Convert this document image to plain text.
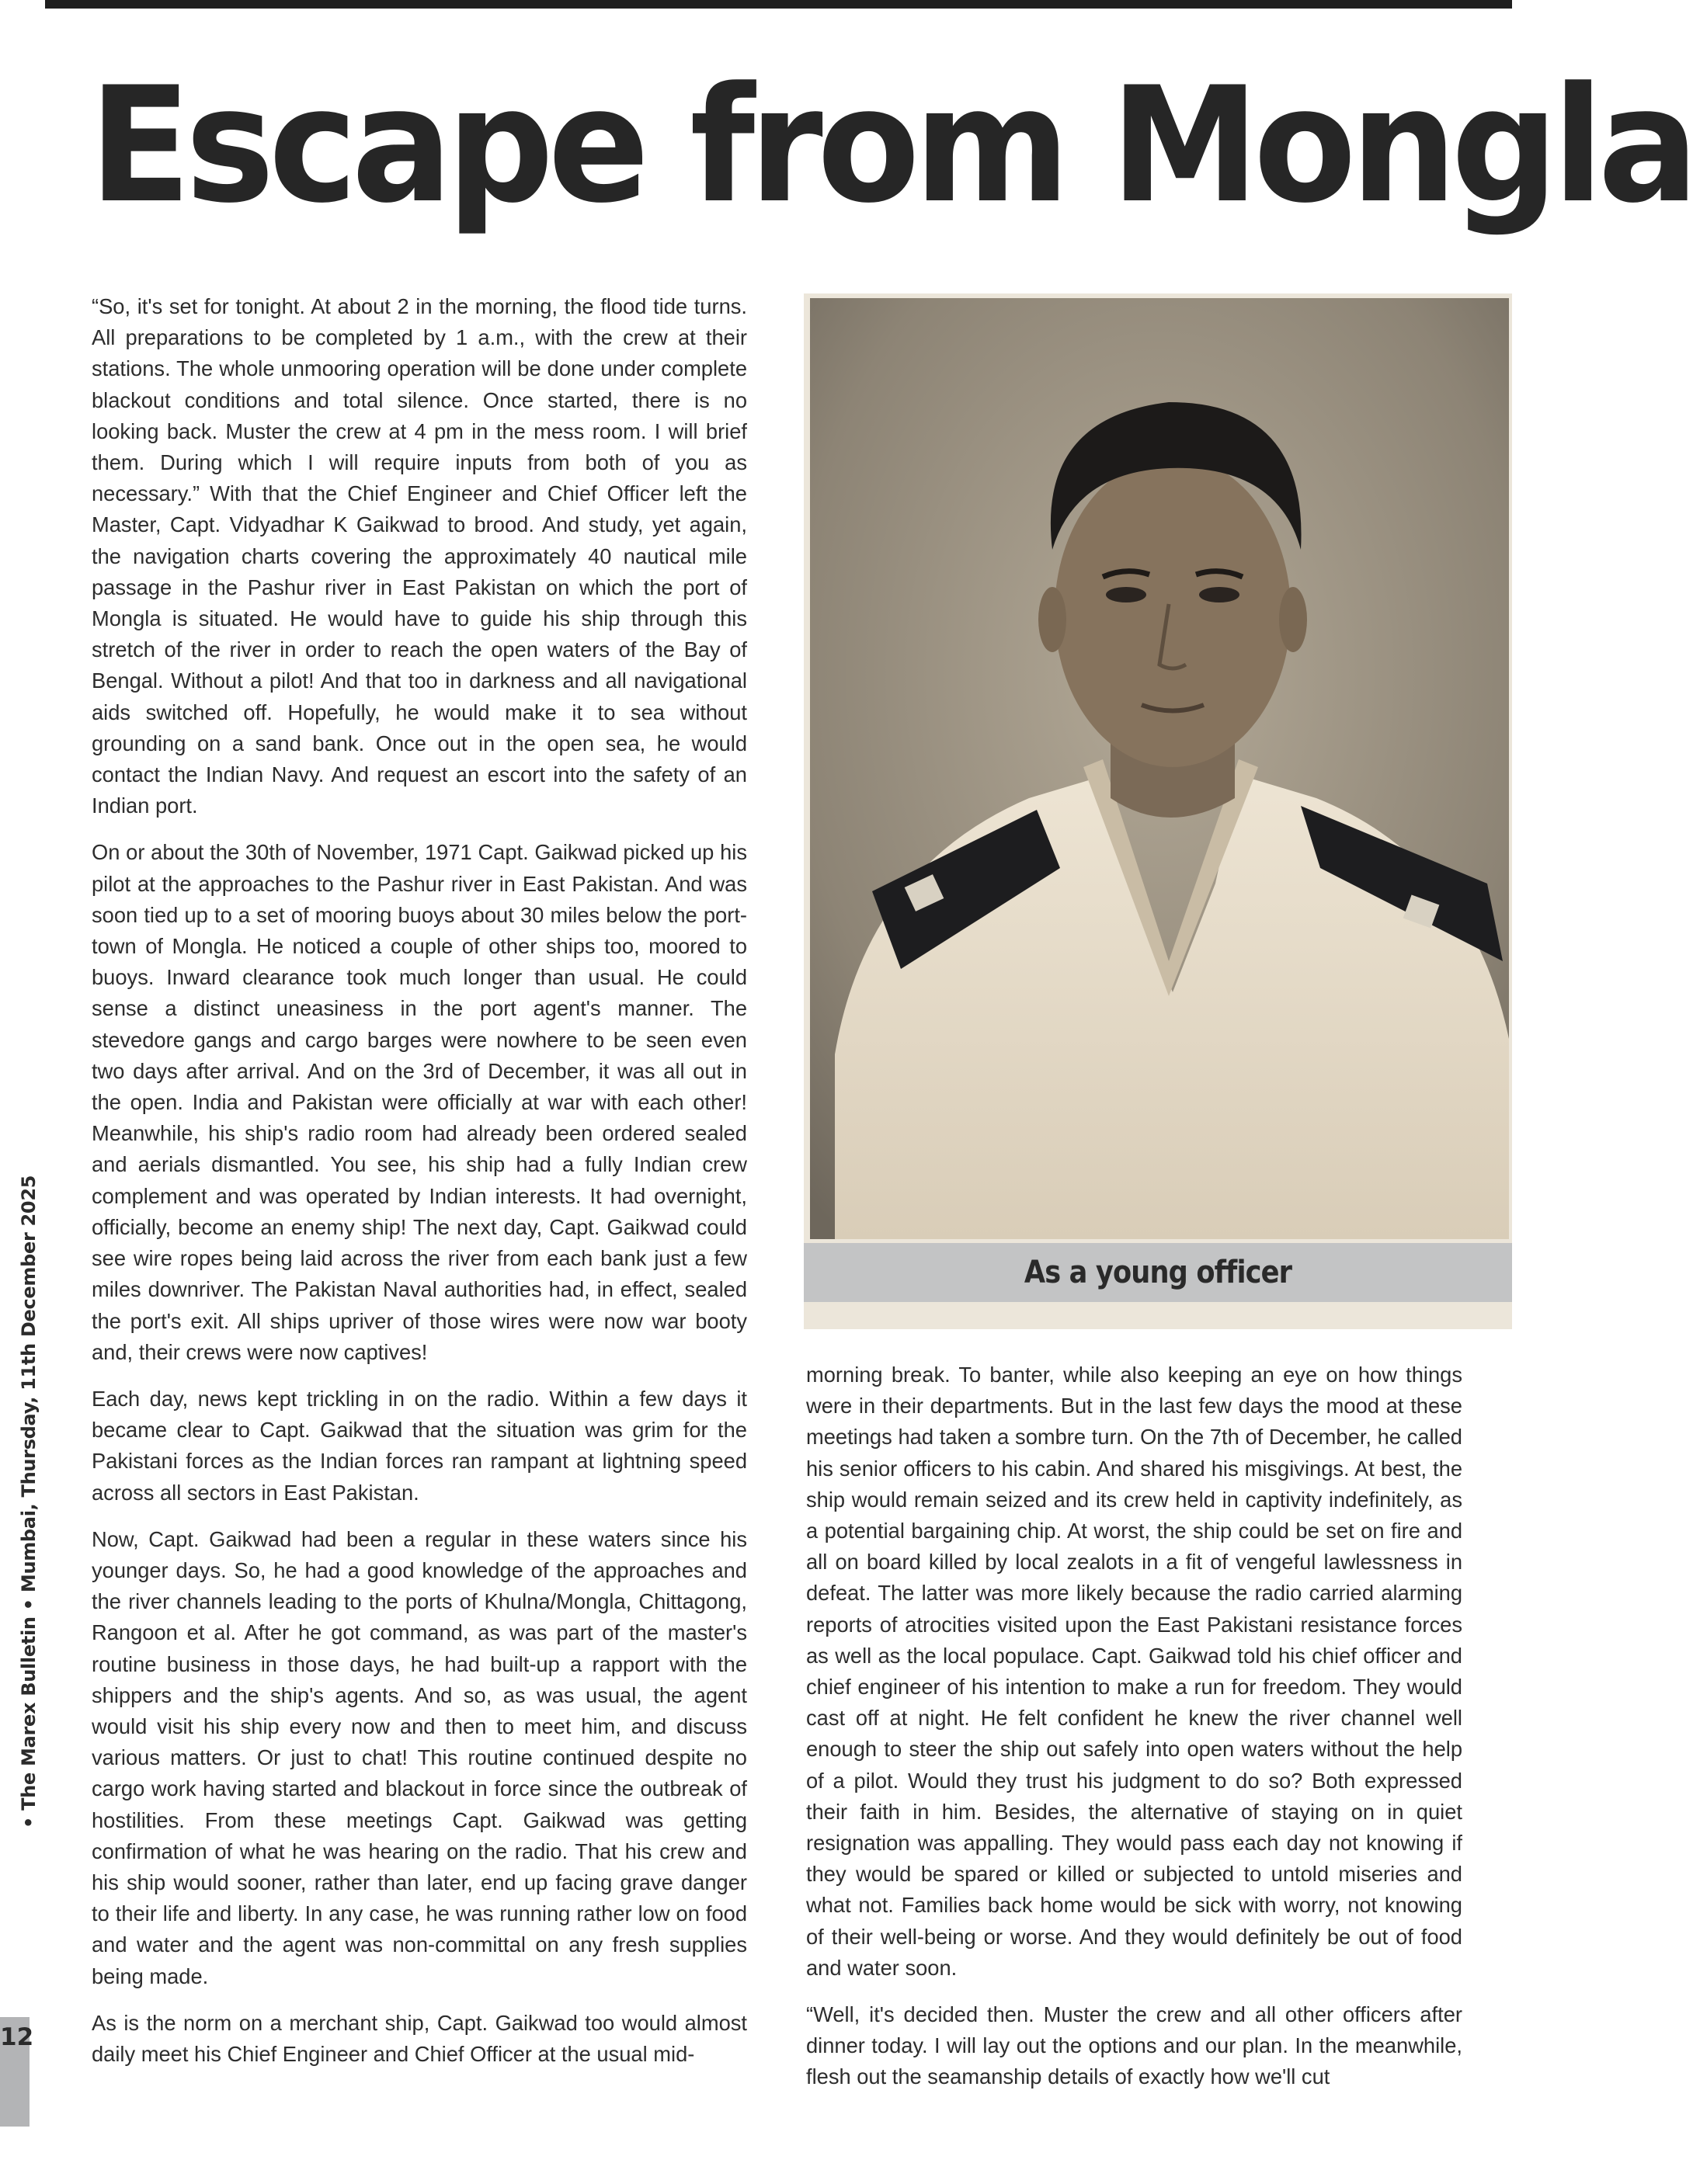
Escape from Mongla

“So, it's set for tonight. At about 2 in the morning, the flood tide turns. All preparations to be completed by 1 a.m., with the crew at their stations. The whole unmooring operation will be done under complete blackout conditions and total silence. Once started, there is no looking back. Muster the crew at 4 pm in the mess room. I will brief them. During which I will require inputs from both of you as necessary.” With that the Chief Engineer and Chief Officer left the Master, Capt. Vidyadhar K Gaikwad to brood. And study, yet again, the navigation charts covering the approximately 40 nautical mile passage in the Pashur river in East Pakistan on which the port of Mongla is situated. He would have to guide his ship through this stretch of the river in order to reach the open waters of the Bay of Bengal. Without a pilot! And that too in darkness and all navigational aids switched off. Hopefully, he would make it to sea without grounding on a sand bank. Once out in the open sea, he would contact the Indian Navy. And request an escort into the safety of an Indian port.

On or about the 30th of November, 1971 Capt. Gaikwad picked up his pilot at the approaches to the Pashur river in East Pakistan. And was soon tied up to a set of mooring buoys about 30 miles below the port-town of Mongla. He noticed a couple of other ships too, moored to buoys. Inward clearance took much longer than usual. He could sense a distinct uneasiness in the port agent's manner. The stevedore gangs and cargo barges were nowhere to be seen even two days after arrival. And on the 3rd of December, it was all out in the open. India and Pakistan were officially at war with each other! Meanwhile, his ship's radio room had already been ordered sealed and aerials dismantled. You see, his ship had a fully Indian crew complement and was operated by Indian interests. It had overnight, officially, become an enemy ship! The next day, Capt. Gaikwad could see wire ropes being laid across the river from each bank just a few miles downriver. The Pakistan Naval authorities had, in effect, sealed the port's exit. All ships upriver of those wires were now war booty and, their crews were now captives!

Each day, news kept trickling in on the radio. Within a few days it became clear to Capt. Gaikwad that the situation was grim for the Pakistani forces as the Indian forces ran rampant at lightning speed across all sectors in East Pakistan.

Now, Capt. Gaikwad had been a regular in these waters since his younger days. So, he had a good knowledge of the approaches and the river channels leading to the ports of Khulna/Mongla, Chittagong, Rangoon et al. After he got command, as was part of the master's routine business in those days, he had built-up a rapport with the shippers and the ship's agents. And so, as was usual, the agent would visit his ship every now and then to meet him, and discuss various matters. Or just to chat! This routine continued despite no cargo work having started and blackout in force since the outbreak of hostilities. From these meetings Capt. Gaikwad was getting confirmation of what he was hearing on the radio. That his crew and his ship would sooner, rather than later, end up facing grave danger to their life and liberty. In any case, he was running rather low on food and water and the agent was non-committal on any fresh supplies being made.

As is the norm on a merchant ship, Capt. Gaikwad too would almost daily meet his Chief Engineer and Chief Officer at the usual mid-

As a young officer

morning break. To banter, while also keeping an eye on how things were in their departments. But in the last few days the mood at these meetings had taken a sombre turn. On the 7th of December, he called his senior officers to his cabin. And shared his misgivings. At best, the ship would remain seized and its crew held in captivity indefinitely, as a potential bargaining chip. At worst, the ship could be set on fire and all on board killed by local zealots in a fit of vengeful lawlessness in defeat. The latter was more likely because the radio carried alarming reports of atrocities visited upon the East Pakistani resistance forces as well as the local populace. Capt. Gaikwad told his chief officer and chief engineer of his intention to make a run for freedom. They would cast off at night. He felt confident he knew the river channel well enough to steer the ship out safely into open waters without the help of a pilot. Would they trust his judgment to do so? Both expressed their faith in him. Besides, the alternative of staying on in quiet resignation was appalling. They would pass each day not knowing if they would be spared or killed or subjected to untold miseries and what not. Families back home would be sick with worry, not knowing of their well-being or worse. And they would definitely be out of food and water soon.

“Well, it's decided then. Muster the crew and all other officers after dinner today. I will lay out the options and our plan. In the meanwhile, flesh out the seamanship details of exactly how we'll cut

• The Marex Bulletin • Mumbai, Thursday, 11th December 2025
12
